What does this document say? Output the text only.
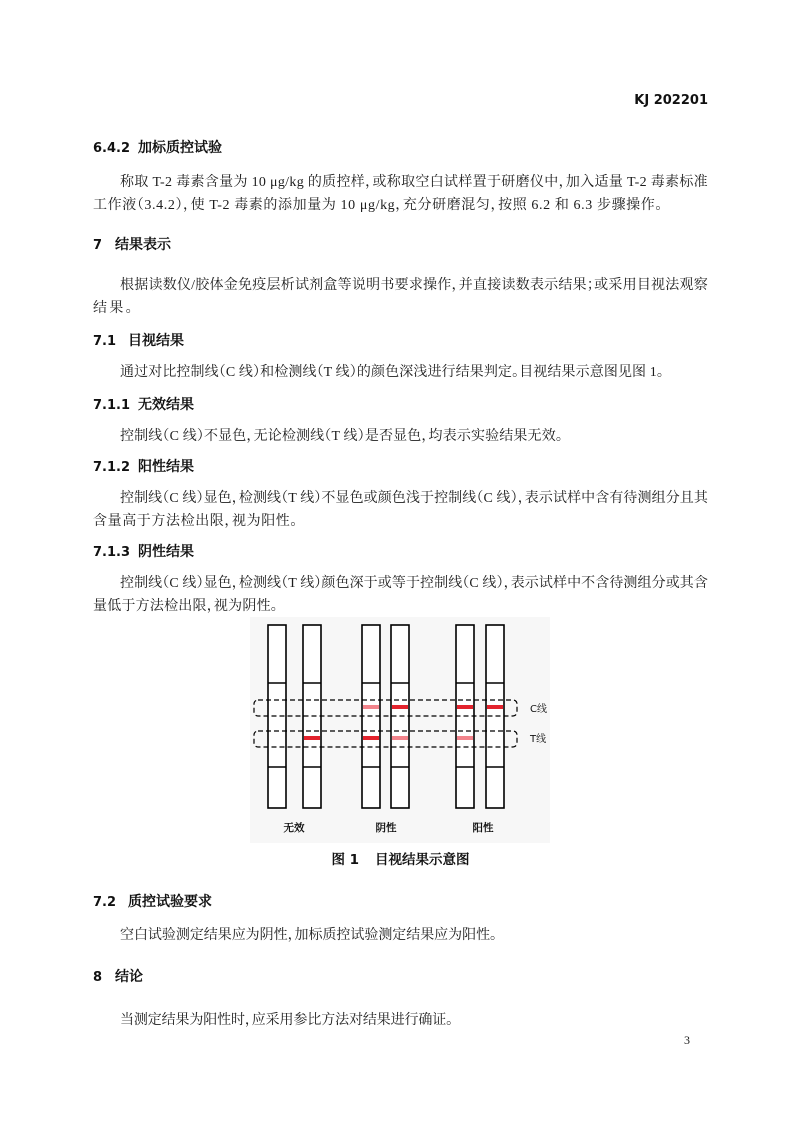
KJ 202201
6.4.2 加标质控试验
称取 T-2 毒素含量为 10 μg/kg 的质控样，或称取空白试样置于研磨仪中，加入适量 T-2 毒素标准
工作液（3.4.2），使 T-2 毒素的添加量为 10 μg/kg，充分研磨混匀，按照 6.2 和 6.3 步骤操作。
7 结果表示
根据读数仪/胶体金免疫层析试剂盒等说明书要求操作，并直接读数表示结果；或采用目视法观察
结果。
7.1 目视结果
通过对比控制线（C 线）和检测线（T 线）的颜色深浅进行结果判定。目视结果示意图见图 1。
7.1.1 无效结果
控制线（C 线）不显色，无论检测线（T 线）是否显色，均表示实验结果无效。
7.1.2 阳性结果
控制线（C 线）显色，检测线（T 线）不显色或颜色浅于控制线（C 线），表示试样中含有待测组分且其
含量高于方法检出限，视为阳性。
7.1.3 阴性结果
控制线（C 线）显色，检测线（T 线）颜色深于或等于控制线（C 线），表示试样中不含待测组分或其含
量低于方法检出限，视为阴性。
C线
T线
无效	阴性	阳性
图 1 目视结果示意图
7.2 质控试验要求
空白试验测定结果应为阴性，加标质控试验测定结果应为阳性。
8 结论
当测定结果为阳性时，应采用参比方法对结果进行确证。
3
